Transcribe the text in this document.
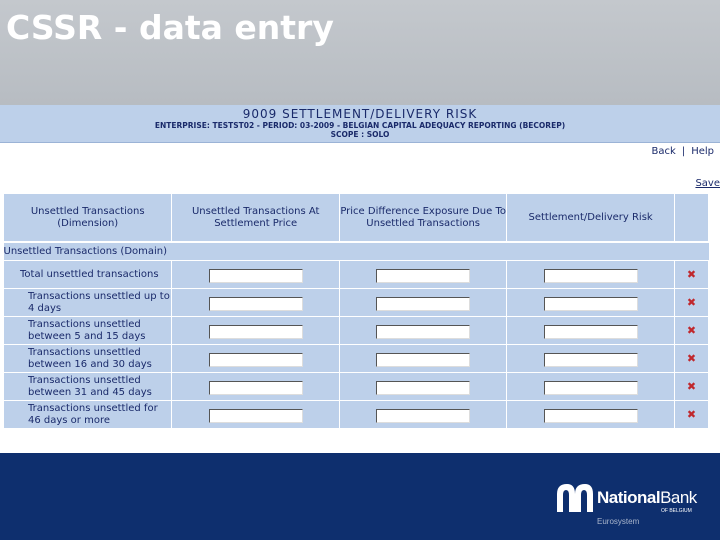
CSSR - data entry
9009 SETTLEMENT/DELIVERY RISK
ENTERPRISE: TESTST02 - PERIOD: 03-2009 - BELGIAN CAPITAL ADEQUACY REPORTING (BECOREP)
SCOPE : SOLO
Back | Help
Save
Unsettled Transactions (Dimension)	Unsettled Transactions At Settlement Price	Price Difference Exposure Due To Unsettled Transactions	Settlement/Delivery Risk	
Unsettled Transactions (Domain)				
Total unsettled transactions				✖
Transactions unsettled up to 4 days				✖
Transactions unsettled between 5 and 15 days				✖
Transactions unsettled between 16 and 30 days				✖
Transactions unsettled between 31 and 45 days				✖
Transactions unsettled for 46 days or more				✖
NationalBank
OF BELGIUM
Eurosystem
